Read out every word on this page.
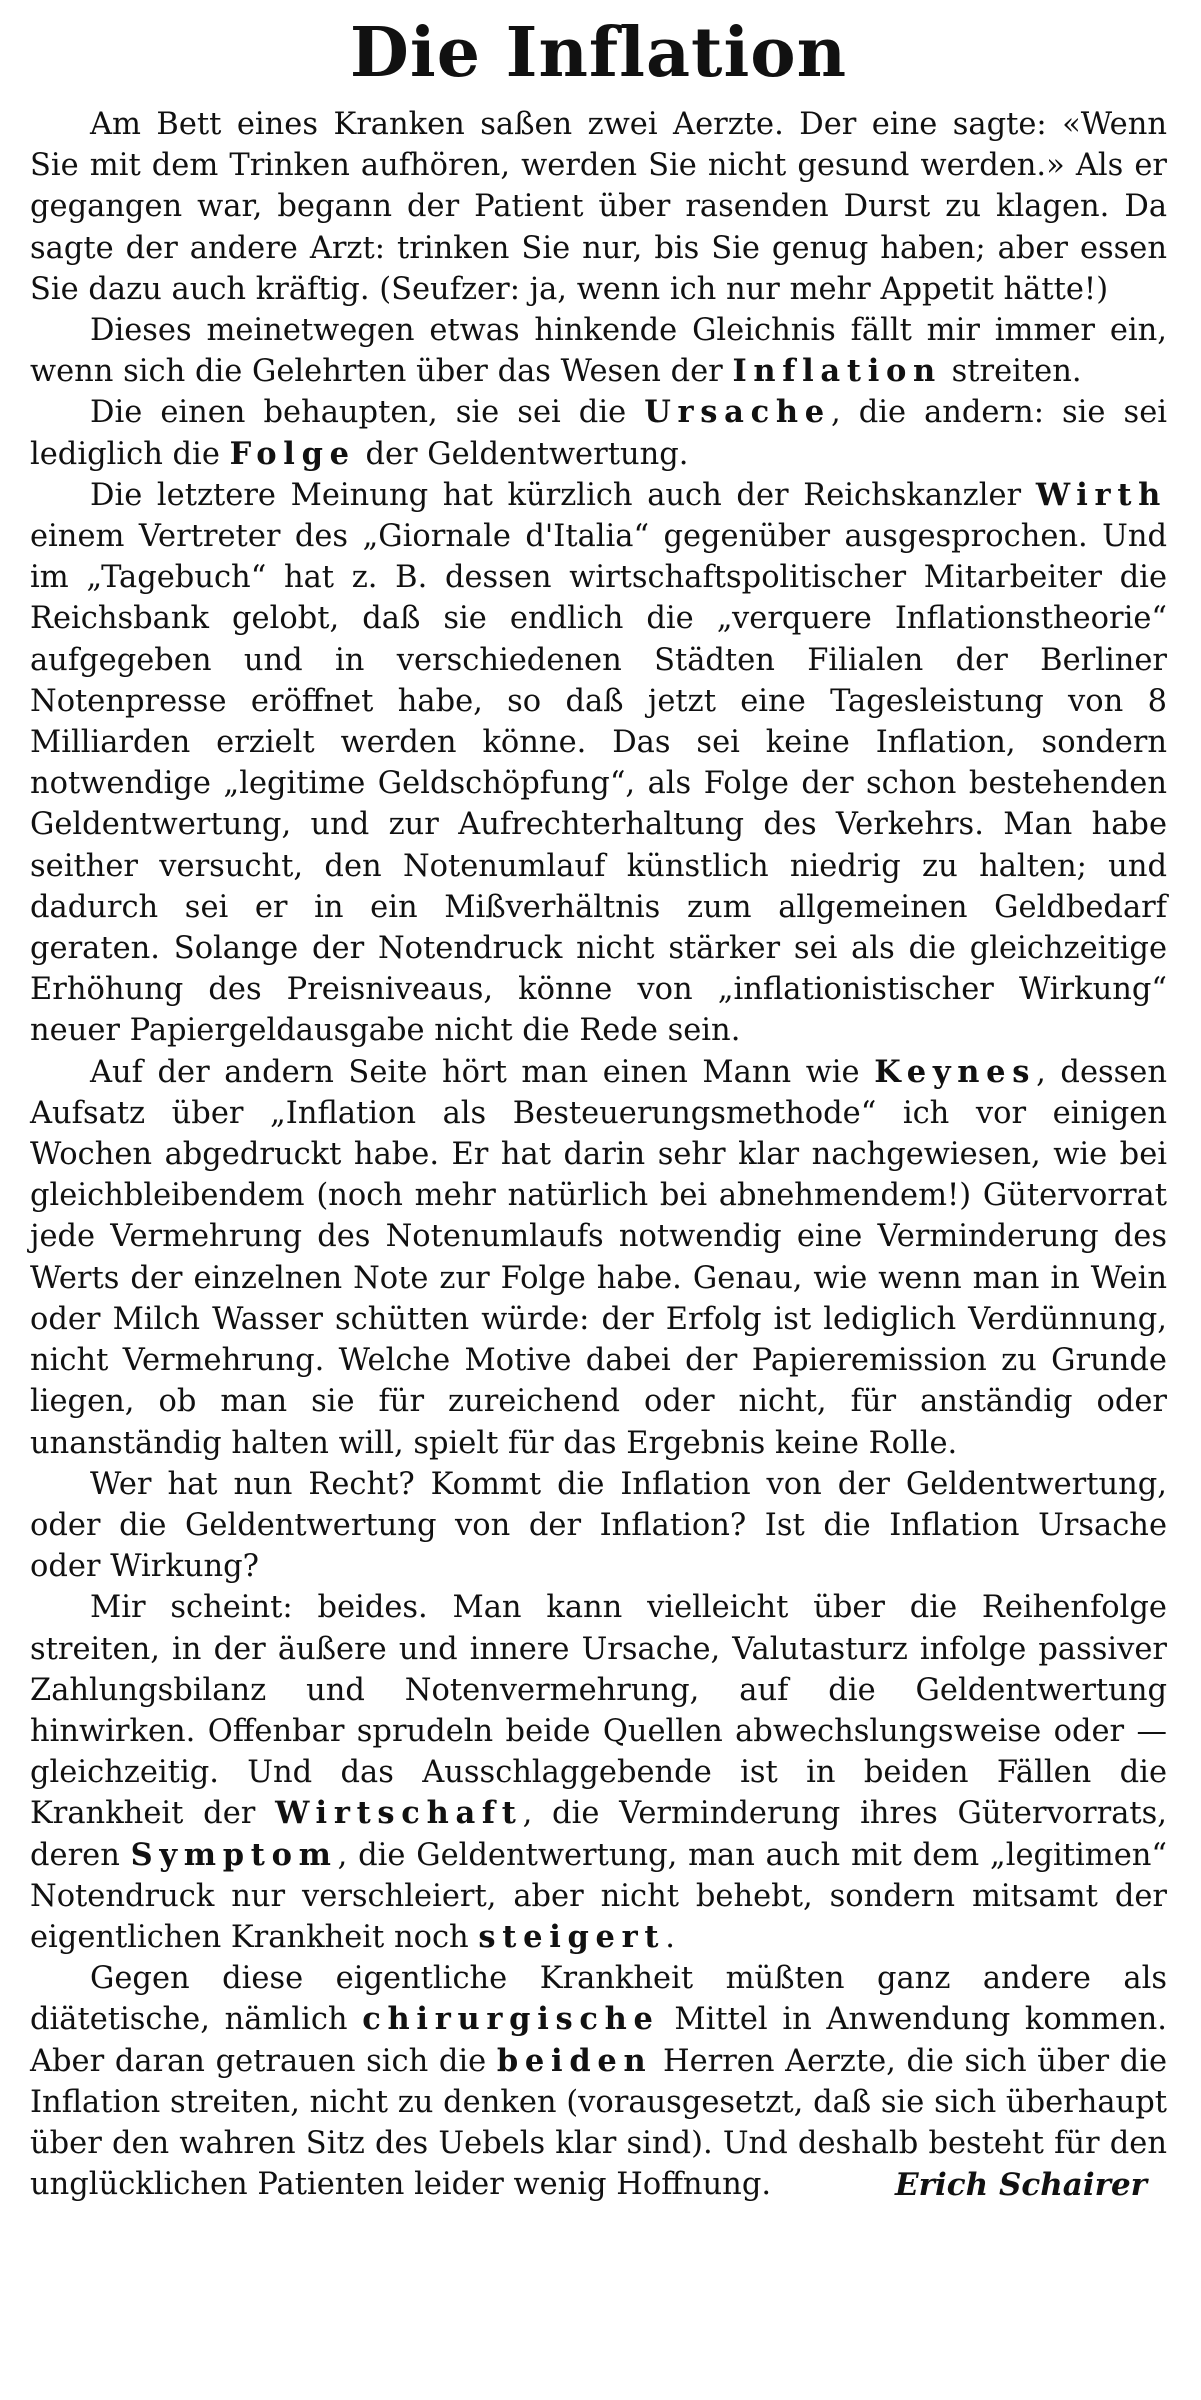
Die Inflation

Am Bett eines Kranken saßen zwei Aerzte. Der eine sagte: «Wenn Sie mit dem Trinken aufhören, werden Sie nicht gesund werden.» Als er gegangen war, begann der Patient über rasenden Durst zu klagen. Da sagte der andere Arzt: trinken Sie nur, bis Sie genug haben; aber essen Sie dazu auch kräftig. (Seufzer: ja, wenn ich nur mehr Appetit hätte!)

Dieses meinetwegen etwas hinkende Gleichnis fällt mir immer ein, wenn sich die Gelehrten über das Wesen der Inflation streiten.

Die einen behaupten, sie sei die Ursache, die andern: sie sei lediglich die Folge der Geldentwertung.

Die letztere Meinung hat kürzlich auch der Reichskanzler Wirth einem Vertreter des „Giornale d'Italia“ gegenüber ausgesprochen. Und im „Tagebuch“ hat z. B. dessen wirtschaftspolitischer Mitarbeiter die Reichsbank gelobt, daß sie endlich die „verquere Inflationstheorie“ aufgegeben und in verschiedenen Städten Filialen der Berliner Notenpresse eröffnet habe, so daß jetzt eine Tagesleistung von 8 Milliarden erzielt werden könne. Das sei keine Inflation, sondern notwendige „legitime Geldschöpfung“, als Folge der schon bestehenden Geldentwertung, und zur Aufrechterhaltung des Verkehrs. Man habe seither versucht, den Notenumlauf künstlich niedrig zu halten; und dadurch sei er in ein Mißverhältnis zum allgemeinen Geldbedarf geraten. Solange der Notendruck nicht stärker sei als die gleichzeitige Erhöhung des Preisniveaus, könne von „inflationistischer Wirkung“ neuer Papiergeldausgabe nicht die Rede sein.

Auf der andern Seite hört man einen Mann wie Keynes, dessen Aufsatz über „Inflation als Besteuerungsmethode“ ich vor einigen Wochen abgedruckt habe. Er hat darin sehr klar nachgewiesen, wie bei gleichbleibendem (noch mehr natürlich bei abnehmendem!) Gütervorrat jede Vermehrung des Notenumlaufs notwendig eine Verminderung des Werts der einzelnen Note zur Folge habe. Genau, wie wenn man in Wein oder Milch Wasser schütten würde: der Erfolg ist lediglich Verdünnung, nicht Vermehrung. Welche Motive dabei der Papieremission zu Grunde liegen, ob man sie für zureichend oder nicht, für anständig oder unanständig halten will, spielt für das Ergebnis keine Rolle.

Wer hat nun Recht? Kommt die Inflation von der Geldentwertung, oder die Geldentwertung von der Inflation? Ist die Inflation Ursache oder Wirkung?

Mir scheint: beides. Man kann vielleicht über die Reihenfolge streiten, in der äußere und innere Ursache, Valutasturz infolge passiver Zahlungsbilanz und Notenvermehrung, auf die Geldentwertung hinwirken. Offenbar sprudeln beide Quellen abwechslungsweise oder — gleichzeitig. Und das Ausschlaggebende ist in beiden Fällen die Krankheit der Wirtschaft, die Verminderung ihres Gütervorrats, deren Symptom, die Geldentwertung, man auch mit dem „legitimen“ Notendruck nur verschleiert, aber nicht behebt, sondern mitsamt der eigentlichen Krankheit noch steigert.

Gegen diese eigentliche Krankheit müßten ganz andere als diätetische, nämlich chirurgische Mittel in Anwendung kommen. Aber daran getrauen sich die beiden Herren Aerzte, die sich über die Inflation streiten, nicht zu denken (vorausgesetzt, daß sie sich überhaupt über den wahren Sitz des Uebels klar sind). Und deshalb besteht für den unglücklichen Patienten leider wenig Hoffnung.	Erich Schairer
